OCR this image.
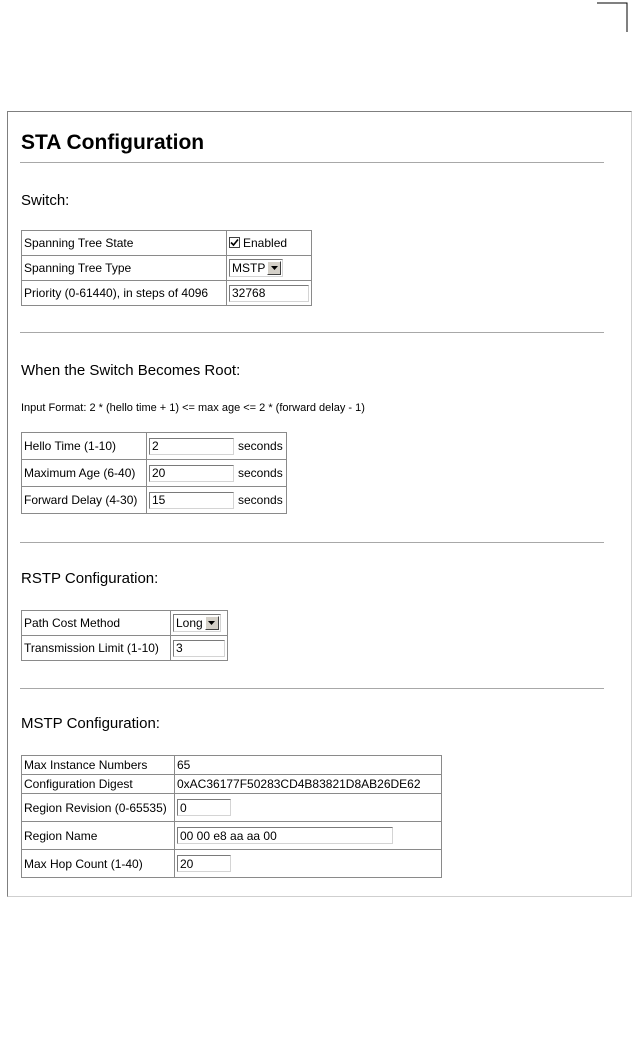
STA Configuration
Switch:
Spanning Tree State	Enabled

Spanning Tree Type	MSTP

Priority (0-61440), in steps of 4096	32768
When the Switch Becomes Root:
Input Format: 2 * (hello time + 1) <= max age <= 2 * (forward delay - 1)
Hello Time (1-10)	2seconds
Maximum Age (6-40)	20seconds
Forward Delay (4-30)	15seconds
RSTP Configuration:
Path Cost Method	Long

Transmission Limit (1-10)	3
MSTP Configuration:
Max Instance Numbers	65
Configuration Digest	0xAC36177F50283CD4B83821D8AB26DE62
Region Revision (0-65535)	0
Region Name	00 00 e8 aa aa 00
Max Hop Count (1-40)	20
